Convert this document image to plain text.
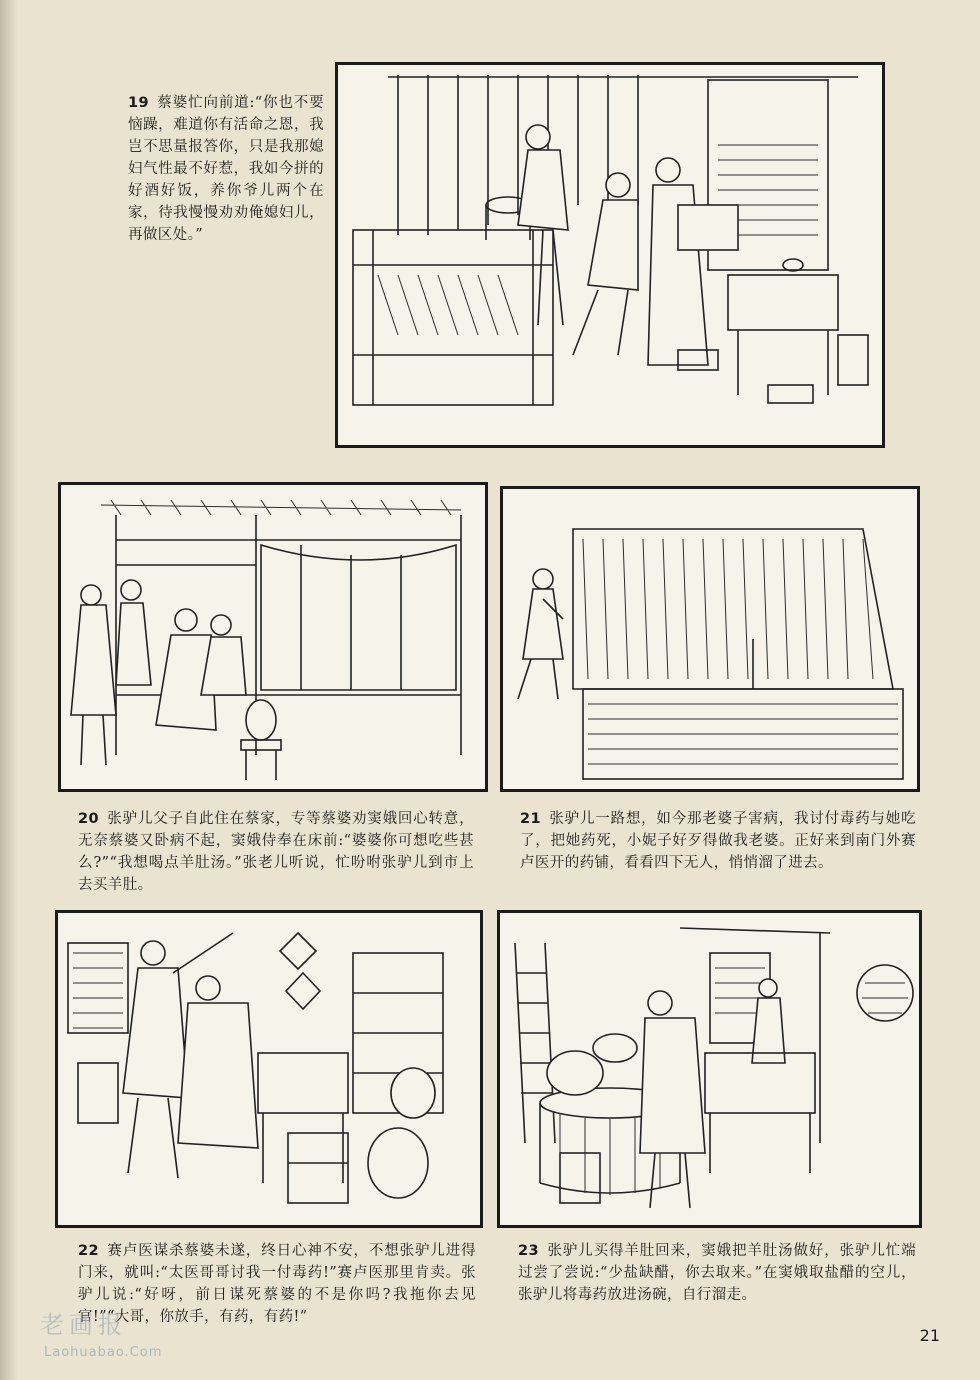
19 蔡婆忙向前道:“你也不要恼躁，难道你有活命之恩，我岂不思量报答你，只是我那媳妇气性最不好惹，我如今拼的好酒好饭，养你爷儿两个在家，待我慢慢劝劝俺媳妇儿，再做区处。”
20 张驴儿父子自此住在蔡家，专等蔡婆劝窦娥回心转意，无奈蔡婆又卧病不起，窦娥侍奉在床前:“婆婆你可想吃些甚么?”“我想喝点羊肚汤。”张老儿听说，忙吩咐张驴儿到市上去买羊肚。
21 张驴儿一路想，如今那老婆子害病，我讨付毒药与她吃了，把她药死，小妮子好歹得做我老婆。正好来到南门外赛卢医开的药铺，看看四下无人，悄悄溜了进去。
22 赛卢医谋杀蔡婆未遂，终日心神不安，不想张驴儿进得门来，就叫:“太医哥哥讨我一付毒药!”赛卢医那里肯卖。张驴儿说:“好呀，前日谋死蔡婆的不是你吗?我拖你去见官!”“大哥，你放手，有药，有药!”
23 张驴儿买得羊肚回来，窦娥把羊肚汤做好，张驴儿忙端过尝了尝说:“少盐缺醋，你去取来。”在窦娥取盐醋的空儿，张驴儿将毒药放进汤碗，自行溜走。
老画报
Laohuabao.Com
21
